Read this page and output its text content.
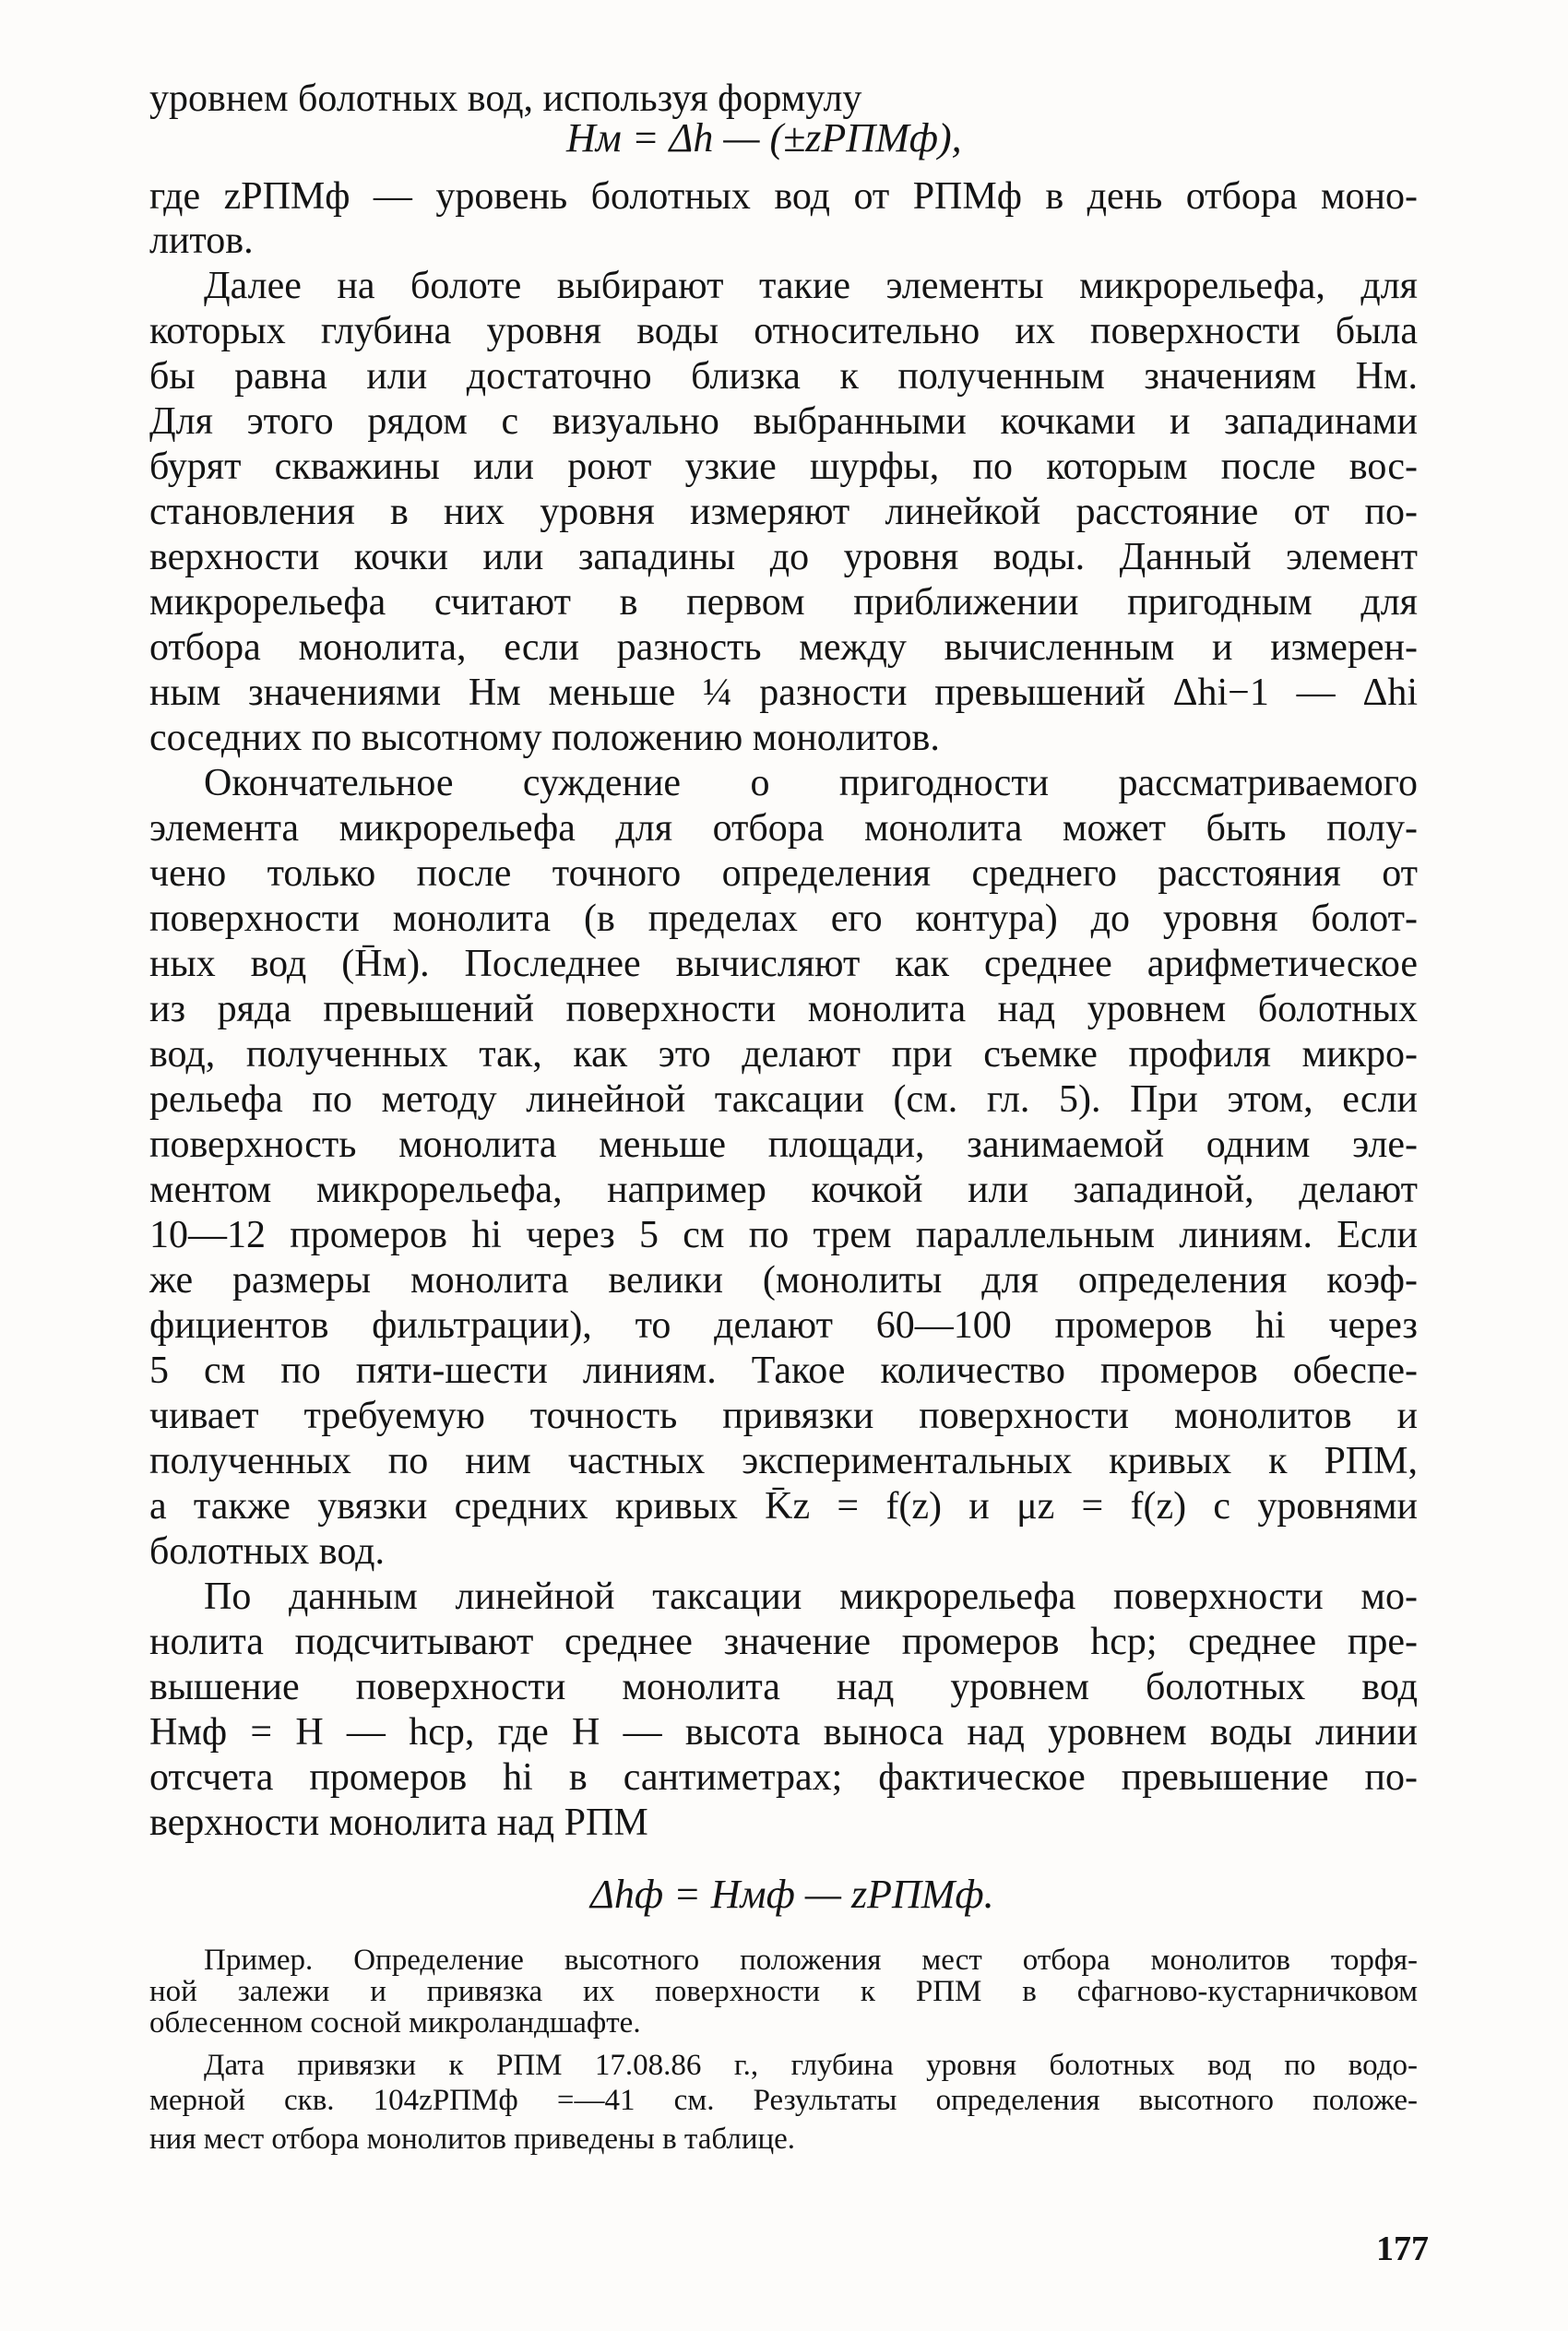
уровнем болотных вод, используя формулу
Hм = Δh — (±zРПМф),
где zРПМф — уровень болотных вод от РПМф в день отбора моно-
литов.
Далее на болоте выбирают такие элементы микрорельефа, для
которых глубина уровня воды относительно их поверхности была
бы равна или достаточно близка к полученным значениям Hм.
Для этого рядом с визуально выбранными кочками и западинами
бурят скважины или роют узкие шурфы, по которым после вос-
становления в них уровня измеряют линейкой расстояние от по-
верхности кочки или западины до уровня воды. Данный элемент
микрорельефа считают в первом приближении пригодным для
отбора монолита, если разность между вычисленным и измерен-
ным значениями Hм меньше ¼ разности превышений Δhi−1 — Δhi
соседних по высотному положению монолитов.
Окончательное суждение о пригодности рассматриваемого
элемента микрорельефа для отбора монолита может быть полу-
чено только после точного определения среднего расстояния от
поверхности монолита (в пределах его контура) до уровня болот-
ных вод (H̄м). Последнее вычисляют как среднее арифметическое
из ряда превышений поверхности монолита над уровнем болотных
вод, полученных так, как это делают при съемке профиля микро-
рельефа по методу линейной таксации (см. гл. 5). При этом, если
поверхность монолита меньше площади, занимаемой одним эле-
ментом микрорельефа, например кочкой или западиной, делают
10—12 промеров hi через 5 см по трем параллельным линиям. Если
же размеры монолита велики (монолиты для определения коэф-
фициентов фильтрации), то делают 60—100 промеров hi через
5 см по пяти-шести линиям. Такое количество промеров обеспе-
чивает требуемую точность привязки поверхности монолитов и
полученных по ним частных экспериментальных кривых к РПМ,
а также увязки средних кривых K̄z = f(z) и μz = f(z) с уровнями
болотных вод.
По данным линейной таксации микрорельефа поверхности мо-
нолита подсчитывают среднее значение промеров hср; среднее пре-
вышение поверхности монолита над уровнем болотных вод
Hмф = H — hср, где H — высота выноса над уровнем воды линии
отсчета промеров hi в сантиметрах; фактическое превышение по-
верхности монолита над РПМ
Δhф = Hмф — zРПМф.
Пример. Определение высотного положения мест отбора монолитов торфя-
ной залежи и привязка их поверхности к РПМ в сфагново-кустарничковом
облесенном сосной микроландшафте.
Дата привязки к РПМ 17.08.86 г., глубина уровня болотных вод по водо-
мерной скв. 104zРПМф =—41 см. Результаты определения высотного положе-
ния мест отбора монолитов приведены в таблице.
177
